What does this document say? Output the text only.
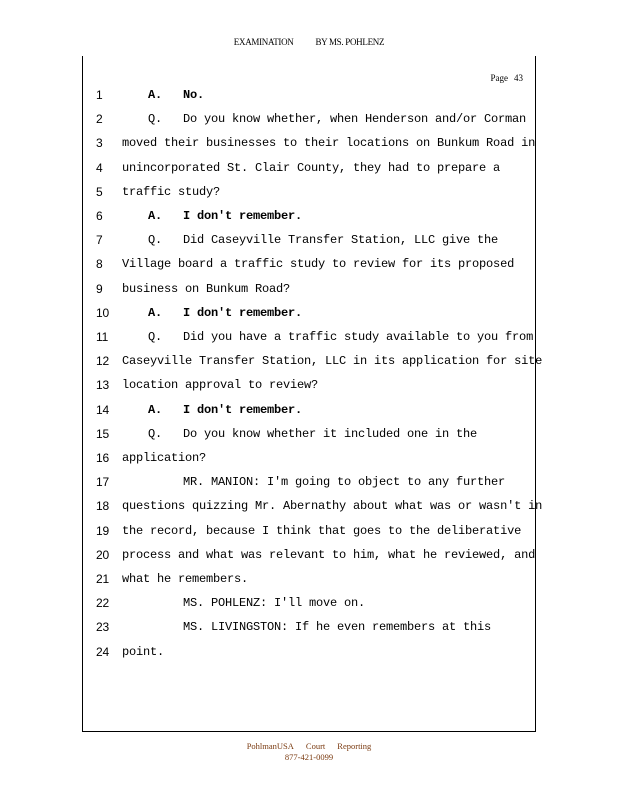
EXAMINATION BY MS. POHLENZ
Page 43
1	A.   No.
2	Q.   Do you know whether, when Henderson and/or Corman
3	moved their businesses to their locations on Bunkum Road in
4	unincorporated St. Clair County, they had to prepare a
5	traffic study?
6	A.   I don't remember.
7	Q.   Did Caseyville Transfer Station, LLC give the
8	Village board a traffic study to review for its proposed
9	business on Bunkum Road?
10	A.   I don't remember.
11	Q.   Did you have a traffic study available to you from
12	Caseyville Transfer Station, LLC in its application for site
13	location approval to review?
14	A.   I don't remember.
15	Q.   Do you know whether it included one in the
16	application?
17	MR. MANION: I'm going to object to any further
18	questions quizzing Mr. Abernathy about what was or wasn't in
19	the record, because I think that goes to the deliberative
20	process and what was relevant to him, what he reviewed, and
21	what he remembers.
22	MS. POHLENZ: I'll move on.
23	MS. LIVINGSTON: If he even remembers at this
24	point.
PohlmanUSA Court Reporting
877-421-0099
